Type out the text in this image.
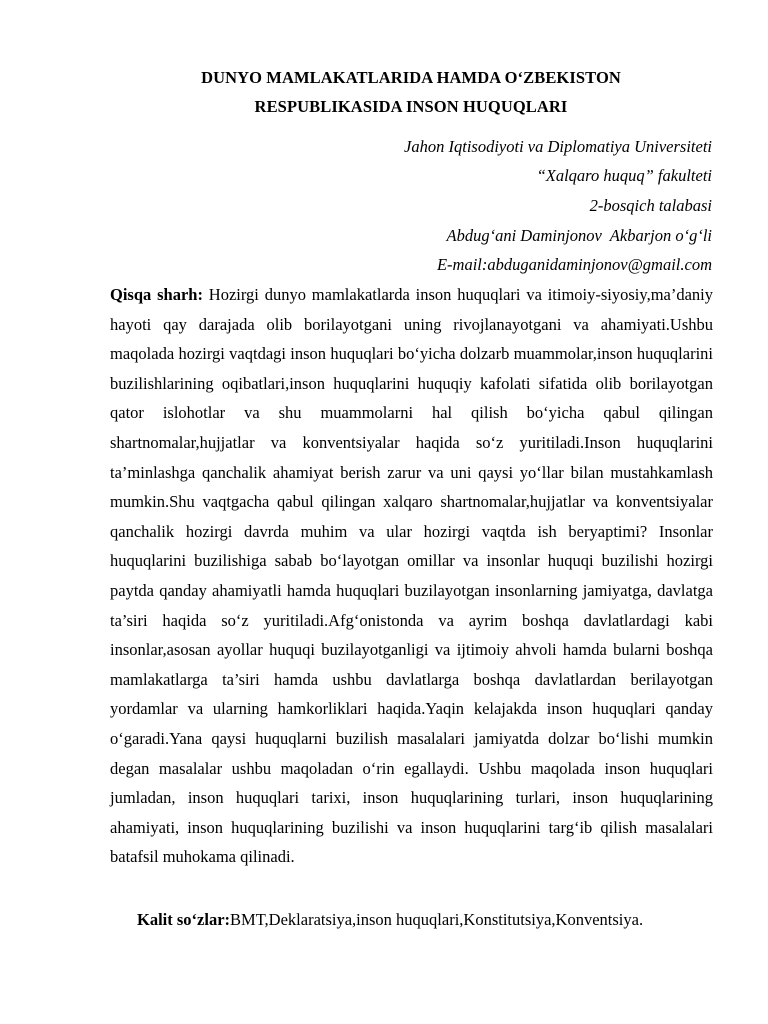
DUNYO MAMLAKATLARIDA HAMDA O‘ZBEKISTON
RESPUBLIKASIDA INSON HUQUQLARI
Jahon Iqtisodiyoti va Diplomatiya Universiteti
“Xalqaro huquq” fakulteti
2-bosqich talabasi
Abdug‘ani Daminjonov  Akbarjon o‘g‘li
E-mail:abduganidaminjonov@gmail.com

Qisqa sharh: Hozirgi dunyo mamlakatlarda inson huquqlari va itimoiy-siyosiy,ma’daniy hayoti qay darajada olib borilayotgani uning rivojlanayotgani va ahamiyati.Ushbu maqolada hozirgi vaqtdagi inson huquqlari bo‘yicha dolzarb muammolar,inson huquqlarini buzilishlarining oqibatlari,inson huquqlarini huquqiy kafolati sifatida olib borilayotgan qator islohotlar va shu muammolarni hal qilish bo‘yicha qabul qilingan shartnomalar,hujjatlar va konventsiyalar haqida so‘z yuritiladi.Inson huquqlarini ta’minlashga qanchalik ahamiyat berish zarur va uni qaysi yo‘llar bilan mustahkamlash mumkin.Shu vaqtgacha qabul qilingan xalqaro shartnomalar,hujjatlar va konventsiyalar qanchalik hozirgi davrda muhim va ular hozirgi vaqtda ish beryaptimi? Insonlar huquqlarini buzilishiga sabab bo‘layotgan omillar va insonlar huquqi buzilishi hozirgi paytda qanday ahamiyatli hamda huquqlari buzilayotgan insonlarning jamiyatga, davlatga ta’siri haqida so‘z yuritiladi.Afg‘onistonda va ayrim boshqa davlatlardagi kabi insonlar,asosan ayollar huquqi buzilayotganligi va ijtimoiy ahvoli hamda bularni boshqa mamlakatlarga ta’siri hamda ushbu davlatlarga boshqa davlatlardan berilayotgan yordamlar va ularning hamkorliklari haqida.Yaqin kelajakda inson huquqlari qanday o‘garadi.Yana qaysi huquqlarni buzilish masalalari jamiyatda dolzar bo‘lishi mumkin degan masalalar ushbu maqoladan o‘rin egallaydi. Ushbu maqolada inson huquqlari jumladan, inson huquqlari tarixi, inson huquqlarining turlari, inson huquqlarining ahamiyati, inson huquqlarining buzilishi va inson huquqlarini targ‘ib qilish masalalari batafsil muhokama qilinadi.

Kalit so‘zlar:BMT,Deklaratsiya,inson huquqlari,Konstitutsiya,Konventsiya.
